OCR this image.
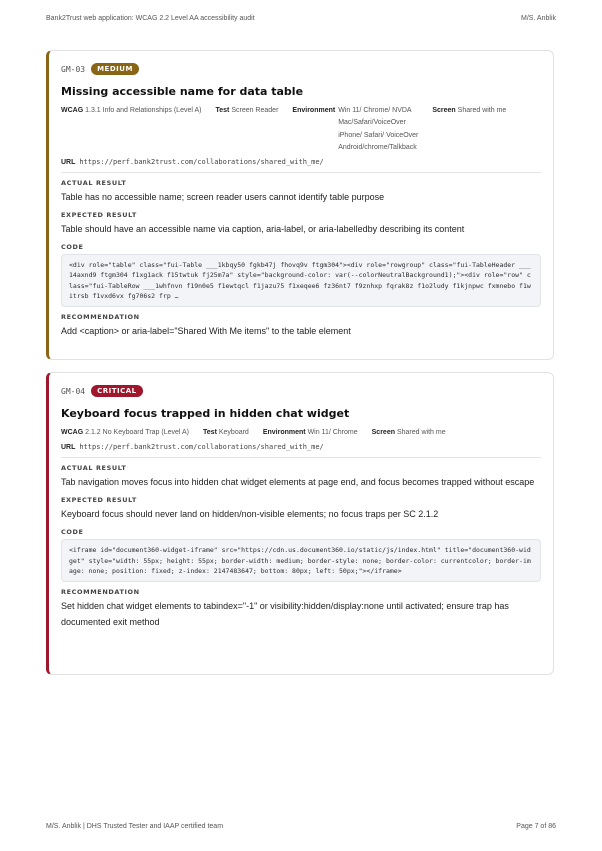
Bank2Trust web application: WCAG 2.2 Level AA accessibility audit	M/S. Anblik
GM-03	MEDIUM
Missing accessible name for data table
WCAG 1.3.1 Info and Relationships (Level A) Test Screen Reader Environment Win 11/ Chrome/ NVDA
Mac/Safari/VoiceOver
iPhone/ Safari/ VoiceOver
Android/chrome/Talkback
Screen Shared with me
URL https://perf.bank2trust.com/collaborations/shared_with_me/
ACTUAL RESULT
Table has no accessible name; screen reader users cannot identify table purpose
EXPECTED RESULT
Table should have an accessible name via caption, aria-label, or aria-labelledby describing its content
CODE
<div role="table" class="fui-Table ___1kbqy50 fgkb47j fhovq9v ftgm304"><div role="rowgroup" class="fui-TableHeader ___14axnd9 ftgm304 f1xg1ack f15twtuk fj25m7a" style="background-color: var(--colorNeutralBackground1);"><div role="row" class="fui-TableRow ___1whfnvn f19n0e5 f1ewtqcl f1jazu75 f1xeqee6 fz36nt7 f9znhxp fqrak8z f1o2ludy f1kjnpwc fxmnebo f1witrsb f1vxd6vx fg706s2 frp …
RECOMMENDATION
Add <caption> or aria-label="Shared With Me items" to the table element
GM-04	CRITICAL
Keyboard focus trapped in hidden chat widget
WCAG 2.1.2 No Keyboard Trap (Level A) Test Keyboard Environment Win 11/ Chrome Screen Shared with me
URL https://perf.bank2trust.com/collaborations/shared_with_me/
ACTUAL RESULT
Tab navigation moves focus into hidden chat widget elements at page end, and focus becomes trapped without escape
EXPECTED RESULT
Keyboard focus should never land on hidden/non-visible elements; no focus traps per SC 2.1.2
CODE
<iframe id="document360-widget-iframe" src="https://cdn.us.document360.io/static/js/index.html" title="document360-widget" style="width: 55px; height: 55px; border-width: medium; border-style: none; border-color: currentcolor; border-image: none; position: fixed; z-index: 2147483647; bottom: 80px; left: 50px;"></iframe>
RECOMMENDATION
Set hidden chat widget elements to tabindex="-1" or visibility:hidden/display:none until activated; ensure trap has documented exit method
M/S. Anblik | DHS Trusted Tester and IAAP certified team	Page 7 of 86
